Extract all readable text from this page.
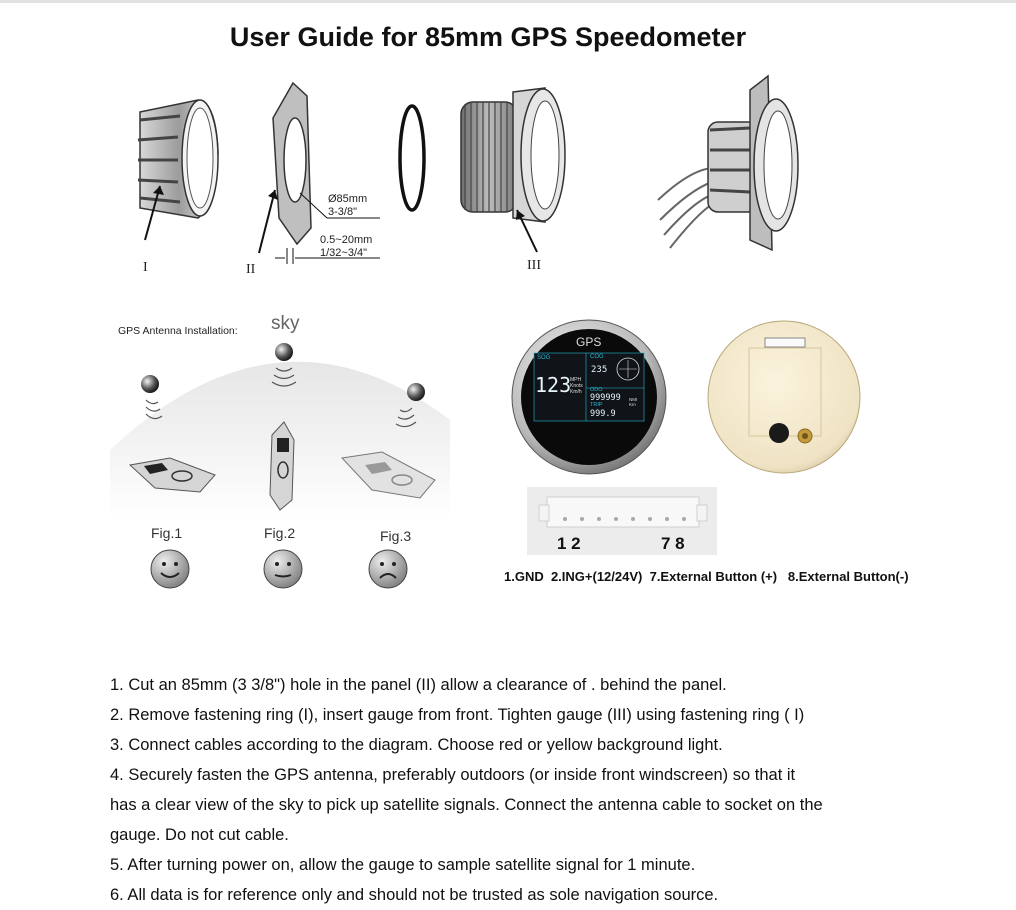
User Guide for 85mm GPS Speedometer
I
Ø85mm
3-3/8"
0.5~20mm
1/32~3/4"
II	III
GPS Antenna Installation: sky
Fig.1	Fig.2	Fig.3
GPS
SOG	COG
123
MPH Knots Km/h
235
ODO
999999
TRIP
999.9
NMI Km
1 2	7 8
1.GND  2.ING+(12/24V)  7.External Button (+)   8.External Button(-)

1. Cut an 85mm (3 3/8") hole in the panel (II) allow a clearance of . behind the panel.

2. Remove fastening ring (I), insert gauge from front. Tighten gauge (III) using fastening ring ( I)

3. Connect cables according to the diagram. Choose red or yellow background light.

4. Securely fasten the GPS antenna, preferably outdoors (or inside front windscreen) so that it

has a clear view of the sky to pick up satellite signals. Connect the antenna cable to socket on the

gauge. Do not cut cable.

5. After turning power on, allow the gauge to sample satellite signal for 1 minute.

6. All data is for reference only and should not be trusted as sole navigation source.
